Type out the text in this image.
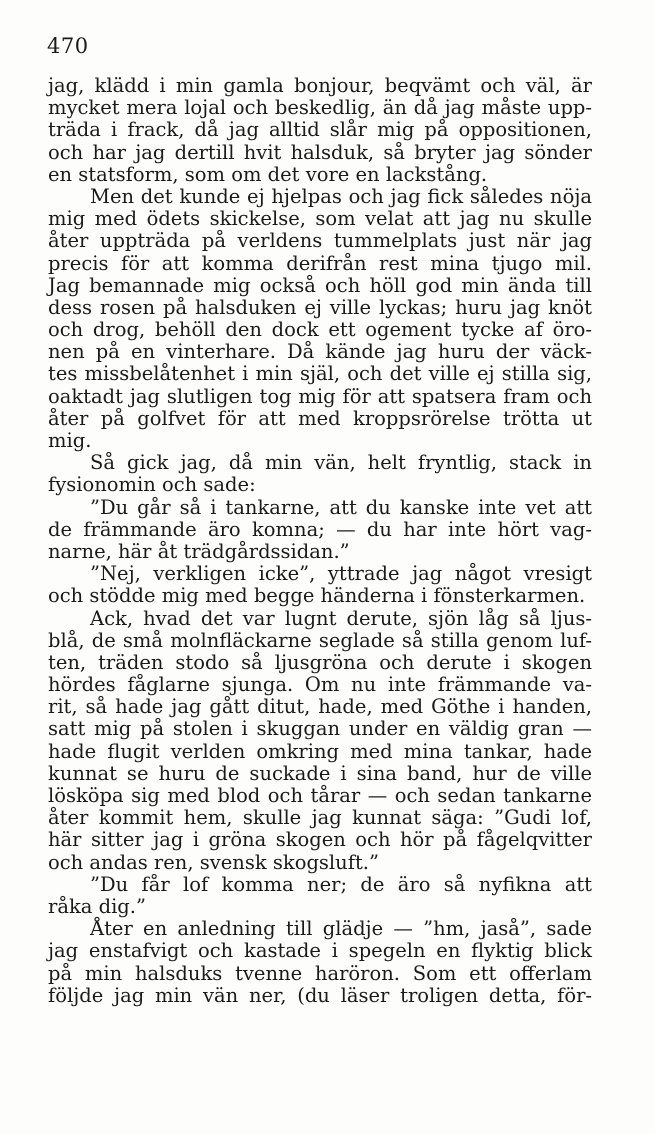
470
jag, klädd i min gamla bonjour, beqvämt och väl, är
mycket mera lojal och beskedlig, än då jag måste upp-
träda i frack, då jag alltid slår mig på oppositionen,
och har jag dertill hvit halsduk, så bryter jag sönder
en statsform, som om det vore en lackstång.
Men det kunde ej hjelpas och jag fick således nöja
mig med ödets skickelse, som velat att jag nu skulle
åter uppträda på verldens tummelplats just när jag
precis för att komma derifrån rest mina tjugo mil.
Jag bemannade mig också och höll god min ända till
dess rosen på halsduken ej ville lyckas; huru jag knöt
och drog, behöll den dock ett ogement tycke af öro-
nen på en vinterhare. Då kände jag huru der väck-
tes missbelåtenhet i min själ, och det ville ej stilla sig,
oaktadt jag slutligen tog mig för att spatsera fram och
åter på golfvet för att med kroppsrörelse trötta ut
mig.
Så gick jag, då min vän, helt fryntlig, stack in
fysionomin och sade:
”Du går så i tankarne, att du kanske inte vet att
de främmande äro komna; — du har inte hört vag-
narne, här åt trädgårdssidan.”
”Nej, verkligen icke”, yttrade jag något vresigt
och stödde mig med begge händerna i fönsterkarmen.
Ack, hvad det var lugnt derute, sjön låg så ljus-
blå, de små molnfläckarne seglade så stilla genom luf-
ten, träden stodo så ljusgröna och derute i skogen
hördes fåglarne sjunga. Om nu inte främmande va-
rit, så hade jag gått ditut, hade, med Göthe i handen,
satt mig på stolen i skuggan under en väldig gran —
hade flugit verlden omkring med mina tankar, hade
kunnat se huru de suckade i sina band, hur de ville
lösköpa sig med blod och tårar — och sedan tankarne
åter kommit hem, skulle jag kunnat säga: ”Gudi lof,
här sitter jag i gröna skogen och hör på fågelqvitter
och andas ren, svensk skogsluft.”
”Du får lof komma ner; de äro så nyfikna att
råka dig.”
Åter en anledning till glädje — ”hm, jaså”, sade
jag enstafvigt och kastade i spegeln en flyktig blick
på min halsduks tvenne haröron. Som ett offerlam
följde jag min vän ner, (du läser troligen detta, för-
